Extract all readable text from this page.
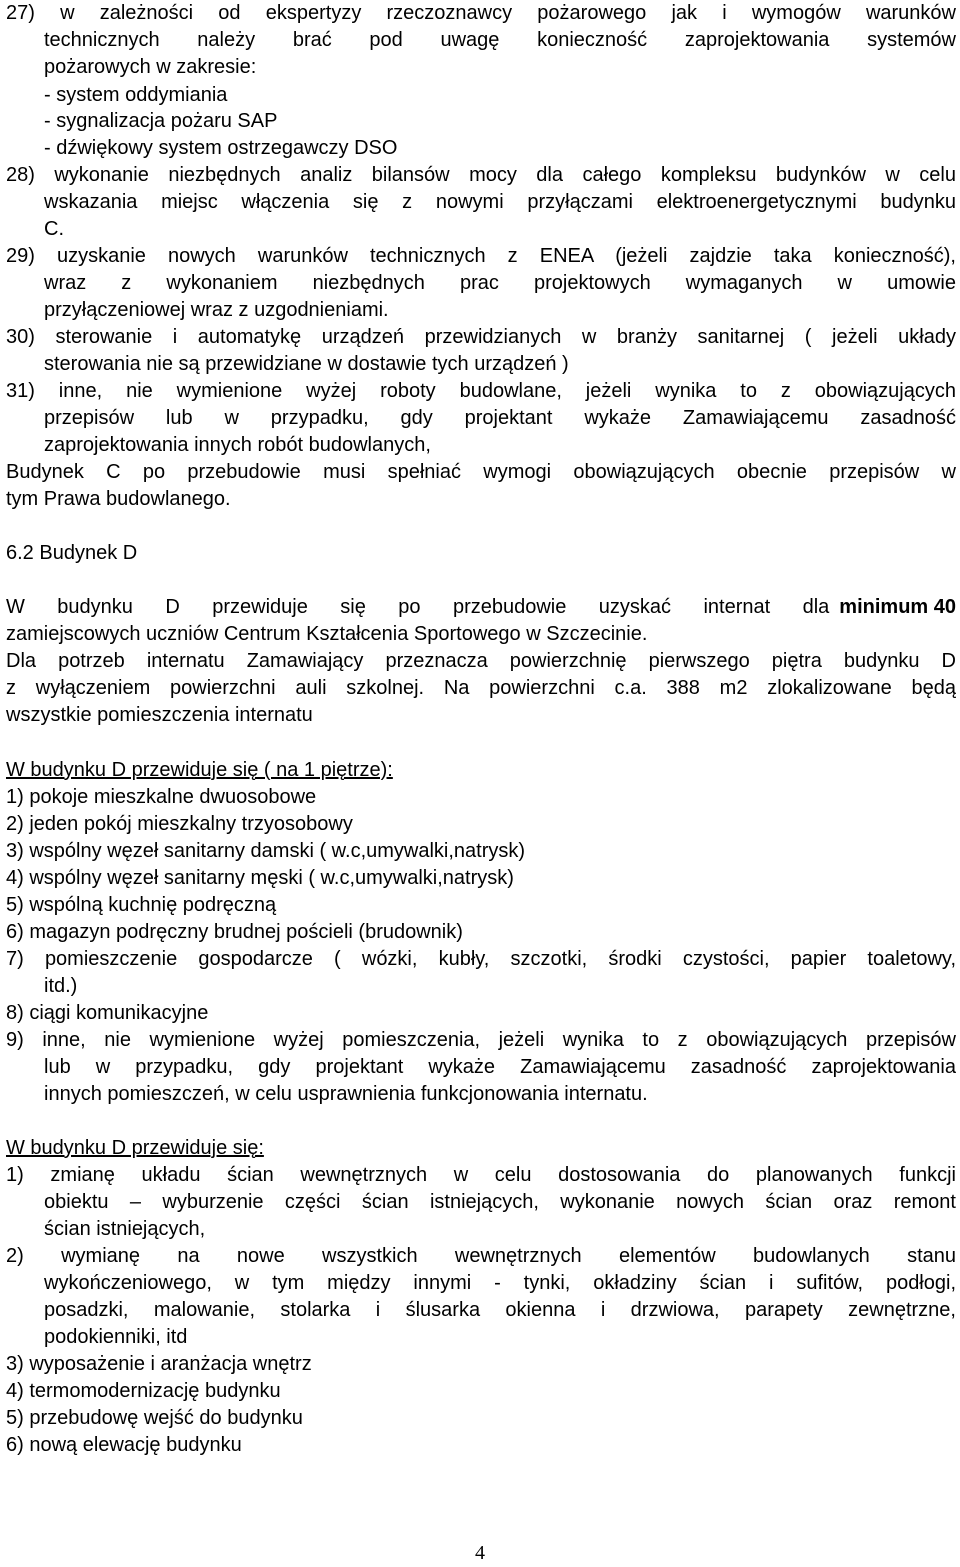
27) w zależności od ekspertyzy rzeczoznawcy pożarowego jak i wymogów warunków
technicznych należy brać pod uwagę konieczność zaprojektowania systemów
pożarowych w zakresie:
- system oddymiania
- sygnalizacja pożaru SAP
- dźwiękowy system ostrzegawczy DSO
28) wykonanie niezbędnych analiz bilansów mocy dla całego kompleksu budynków w celu
wskazania miejsc włączenia się z nowymi przyłączami elektroenergetycznymi budynku
C.
29) uzyskanie nowych warunków technicznych z ENEA (jeżeli zajdzie taka konieczność),
wraz z wykonaniem niezbędnych prac projektowych wymaganych w umowie
przyłączeniowej wraz z uzgodnieniami.
30) sterowanie i automatykę urządzeń przewidzianych w branży sanitarnej ( jeżeli układy
sterowania nie są przewidziane w dostawie tych urządzeń )
31) inne, nie wymienione wyżej roboty budowlane, jeżeli wynika to z obowiązujących
przepisów lub w przypadku, gdy projektant wykaże Zamawiającemu zasadność
zaprojektowania innych robót budowlanych,
Budynek C po przebudowie musi spełniać wymogi obowiązujących obecnie przepisów w
tym Prawa budowlanego.
6.2 Budynek D
W budynku D przewiduje się po przebudowie uzyskać internat dla minimum 40
zamiejscowych uczniów Centrum Kształcenia Sportowego w Szczecinie.
Dla potrzeb internatu Zamawiający przeznacza powierzchnię pierwszego piętra budynku D
z wyłączeniem powierzchni auli szkolnej. Na powierzchni c.a. 388 m2 zlokalizowane będą
wszystkie pomieszczenia internatu
W budynku D przewiduje się ( na 1 piętrze):
1) pokoje mieszkalne dwuosobowe
2) jeden pokój mieszkalny trzyosobowy
3) wspólny węzeł sanitarny damski ( w.c,umywalki,natrysk)
4) wspólny węzeł sanitarny męski ( w.c,umywalki,natrysk)
5) wspólną kuchnię podręczną
6) magazyn podręczny brudnej pościeli (brudownik)
7) pomieszczenie gospodarcze ( wózki, kubły, szczotki, środki czystości, papier toaletowy,
itd.)
8) ciągi komunikacyjne
9) inne, nie wymienione wyżej pomieszczenia, jeżeli wynika to z obowiązujących przepisów
lub w przypadku, gdy projektant wykaże Zamawiającemu zasadność zaprojektowania
innych pomieszczeń, w celu usprawnienia funkcjonowania internatu.
W budynku D przewiduje się:
1) zmianę układu ścian wewnętrznych w celu dostosowania do planowanych funkcji
obiektu – wyburzenie części ścian istniejących, wykonanie nowych ścian oraz remont
ścian istniejących,
2) wymianę na nowe wszystkich wewnętrznych elementów budowlanych stanu
wykończeniowego, w tym między innymi - tynki, okładziny ścian i sufitów, podłogi,
posadzki, malowanie, stolarka i ślusarka okienna i drzwiowa, parapety zewnętrzne,
podokienniki, itd
3) wyposażenie i aranżacja wnętrz
4) termomodernizację budynku
5) przebudowę wejść do budynku
6) nową elewację budynku
4
